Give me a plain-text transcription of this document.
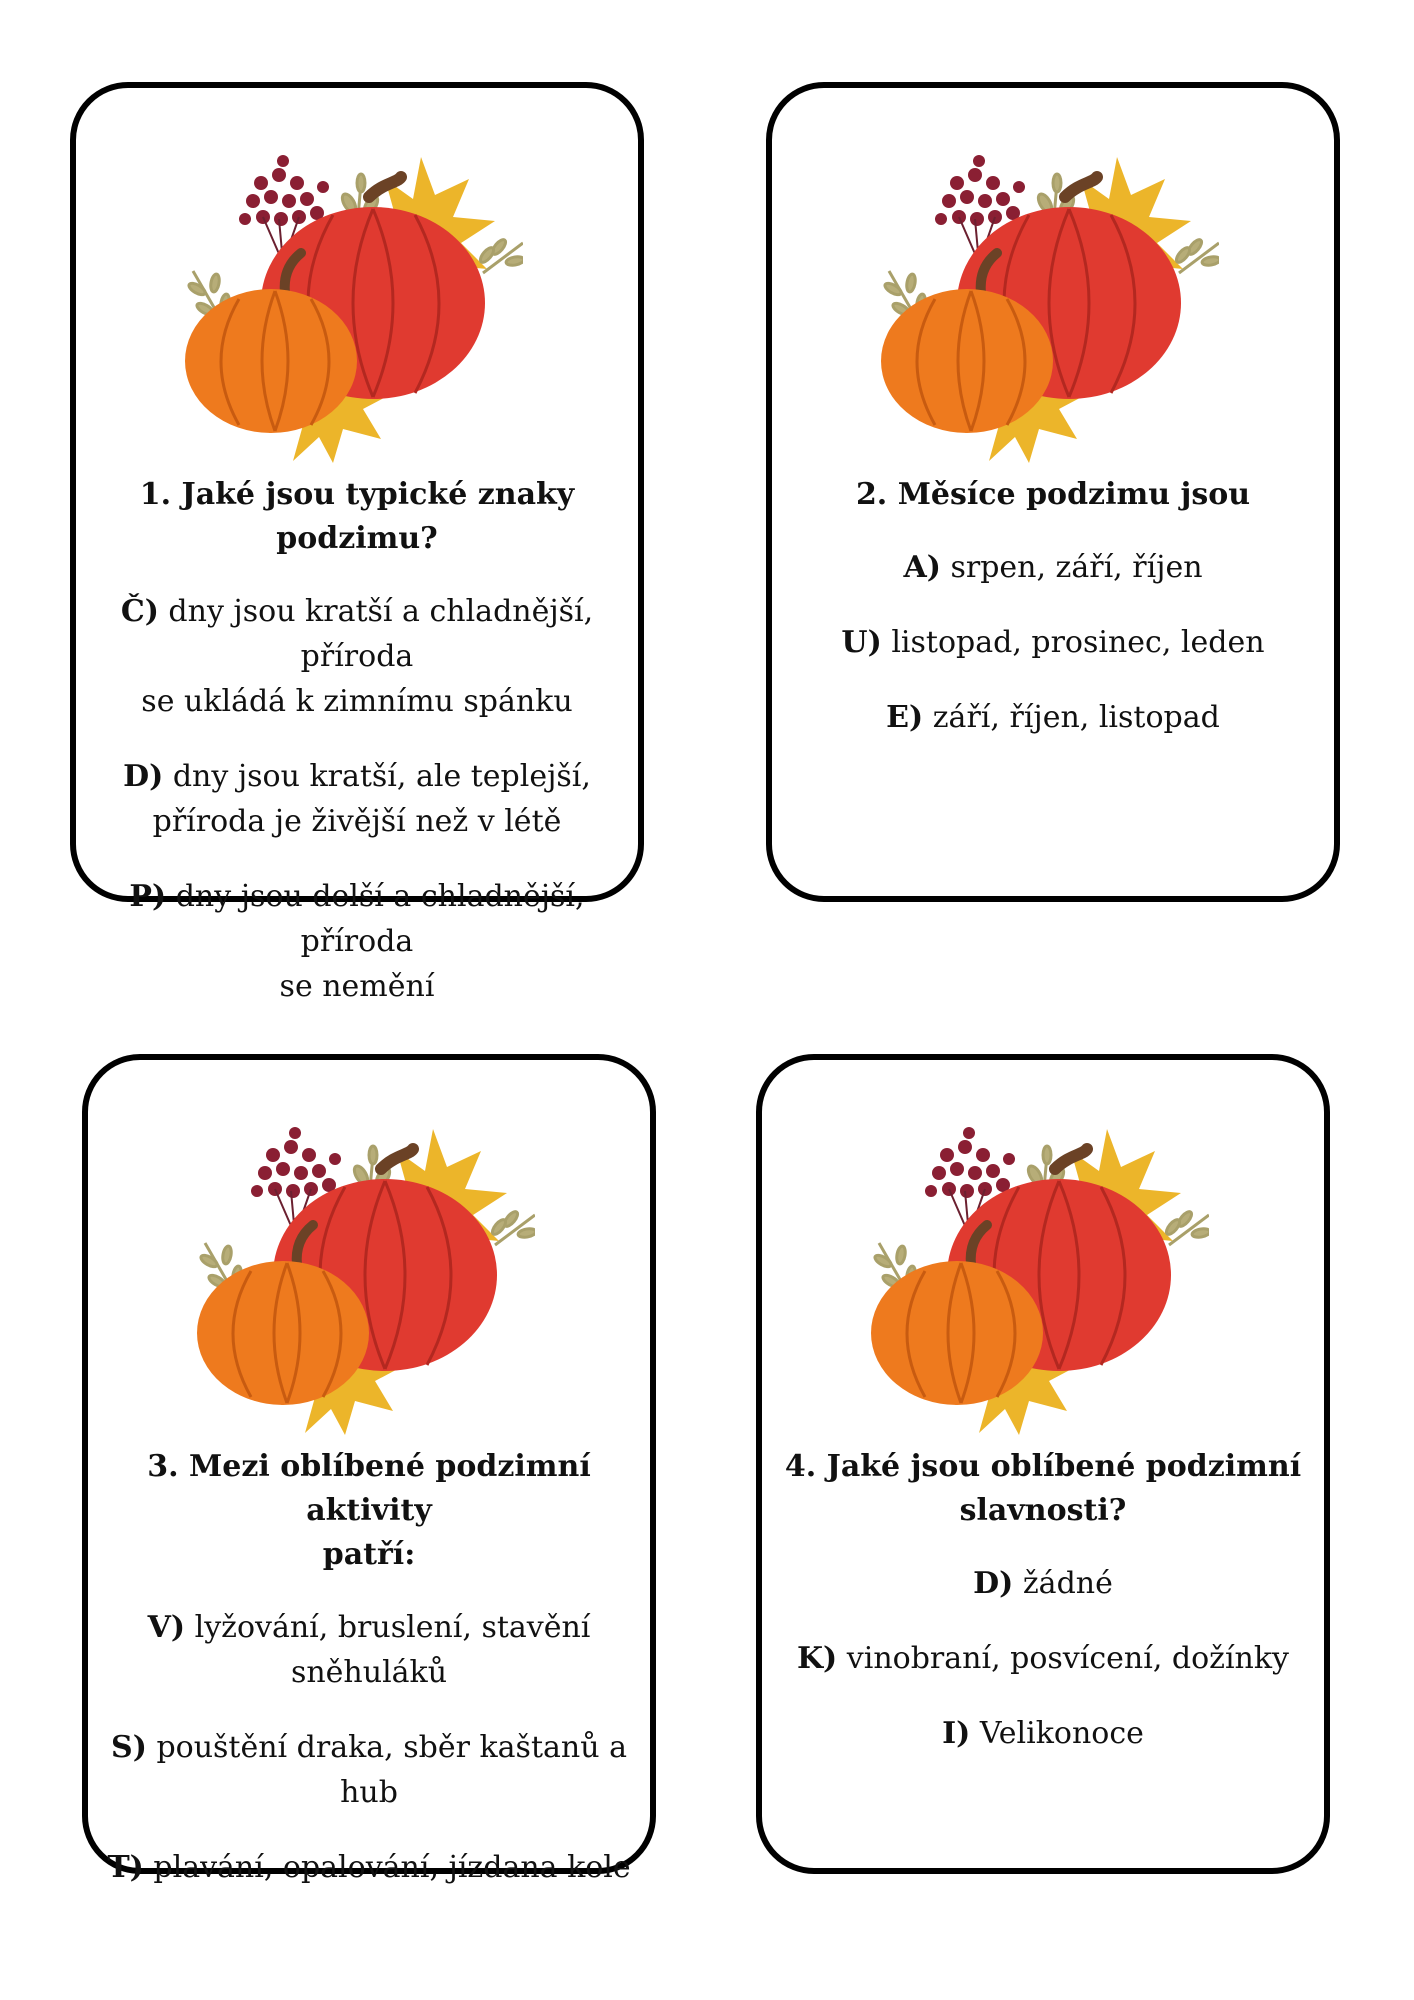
1. Jaké jsou typické znaky podzimu?
Č) dny jsou kratší a chladnější, příroda
se ukládá k zimnímu spánku
D) dny jsou kratší, ale teplejší,
příroda je živější než v létě
P) dny jsou delší a chladnější, příroda
se nemění
2. Měsíce podzimu jsou
A) srpen, září, říjen
U) listopad, prosinec, leden
E) září, říjen, listopad
3. Mezi oblíbené podzimní aktivity
patří:
V) lyžování, bruslení, stavění sněhuláků
S) pouštění draka, sběr kaštanů a hub
T) plavání, opalování, jízdana kole
4. Jaké jsou oblíbené podzimní
slavnosti?
D) žádné
K) vinobraní, posvícení, dožínky
I) Velikonoce
